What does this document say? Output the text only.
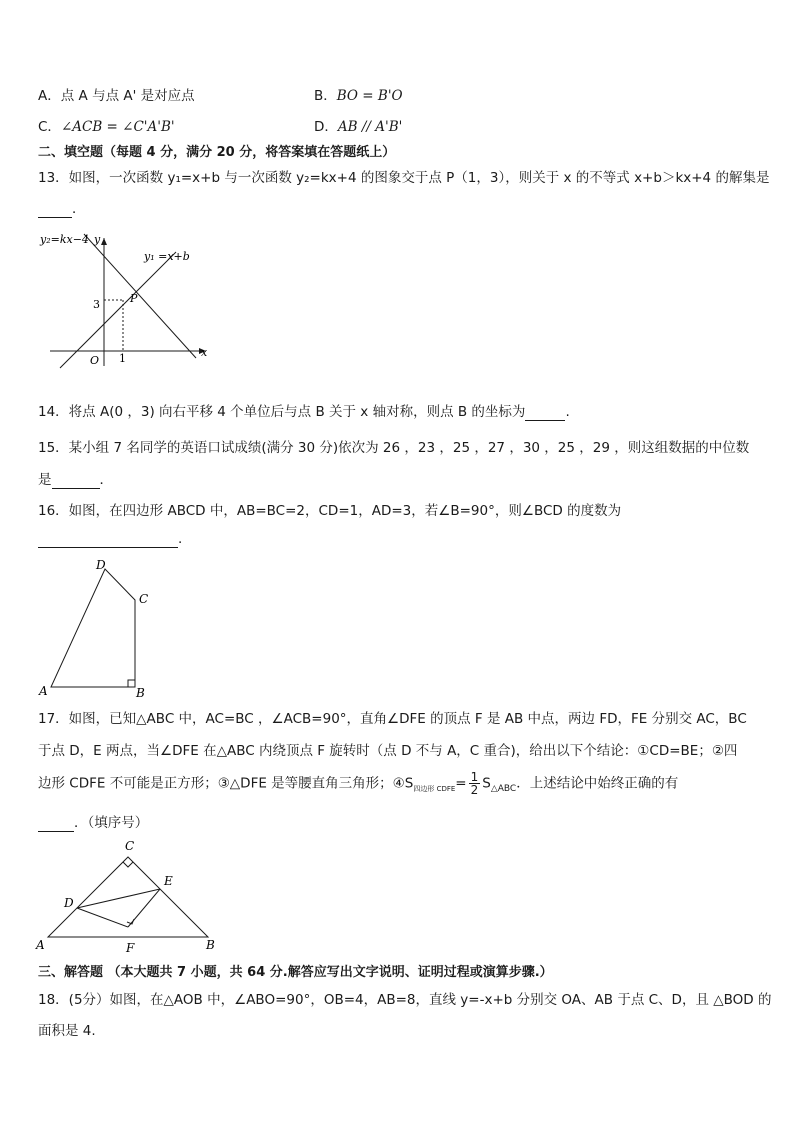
A．点 A 与点 A' 是对应点	B．BO = B'O
C．∠ACB = ∠C'A'B'	D．AB // A'B'
二、填空题（每题 4 分，满分 20 分，将答案填在答题纸上）
13．如图，一次函数 y₁=x+b 与一次函数 y₂=kx+4 的图象交于点 P（1，3），则关于 x 的不等式 x+b＞kx+4 的解集是
．
y₂=kx−4 y
y₁ =x+b
P
3
O 1	x
14．将点 A(0 ，3) 向右平移 4 个单位后与点 B 关于 x 轴对称，则点 B 的坐标为	.
15．某小组 7 名同学的英语口试成绩(满分 30 分)依次为 26 ，23 ，25 ，27 ，30 ，25 ，29 ，则这组数据的中位数
是	．
16．如图，在四边形 ABCD 中，AB=BC=2，CD=1，AD=3，若∠B=90°，则∠BCD 的度数为
.
D
C
A	B
17．如图，已知△ABC 中，AC=BC ，∠ACB=90°，直角∠DFE 的顶点 F 是 AB 中点，两边 FD，FE 分别交 AC，BC
于点 D，E 两点，当∠DFE 在△ABC 内绕顶点 F 旋转时（点 D 不与 A，C 重合)，给出以下个结论：①CD=BE；②四
边形 CDFE 不可能是正方形；③△DFE 是等腰直角三角形；$④S_{四边形 CDFE}= \frac{1}{2} S_{\triangle ABC}$．上述结论中始终正确的有
．（填序号）
C
E
D
A	F	B
三、解答题 （本大题共 7 小题，共 64 分.解答应写出文字说明、证明过程或演算步骤.）
18．(5分）如图，在△AOB 中，∠ABO=90°，OB=4，AB=8，直线 y=-x+b 分别交 OA、AB 于点 C、D，且 △BOD 的
面积是 4.
